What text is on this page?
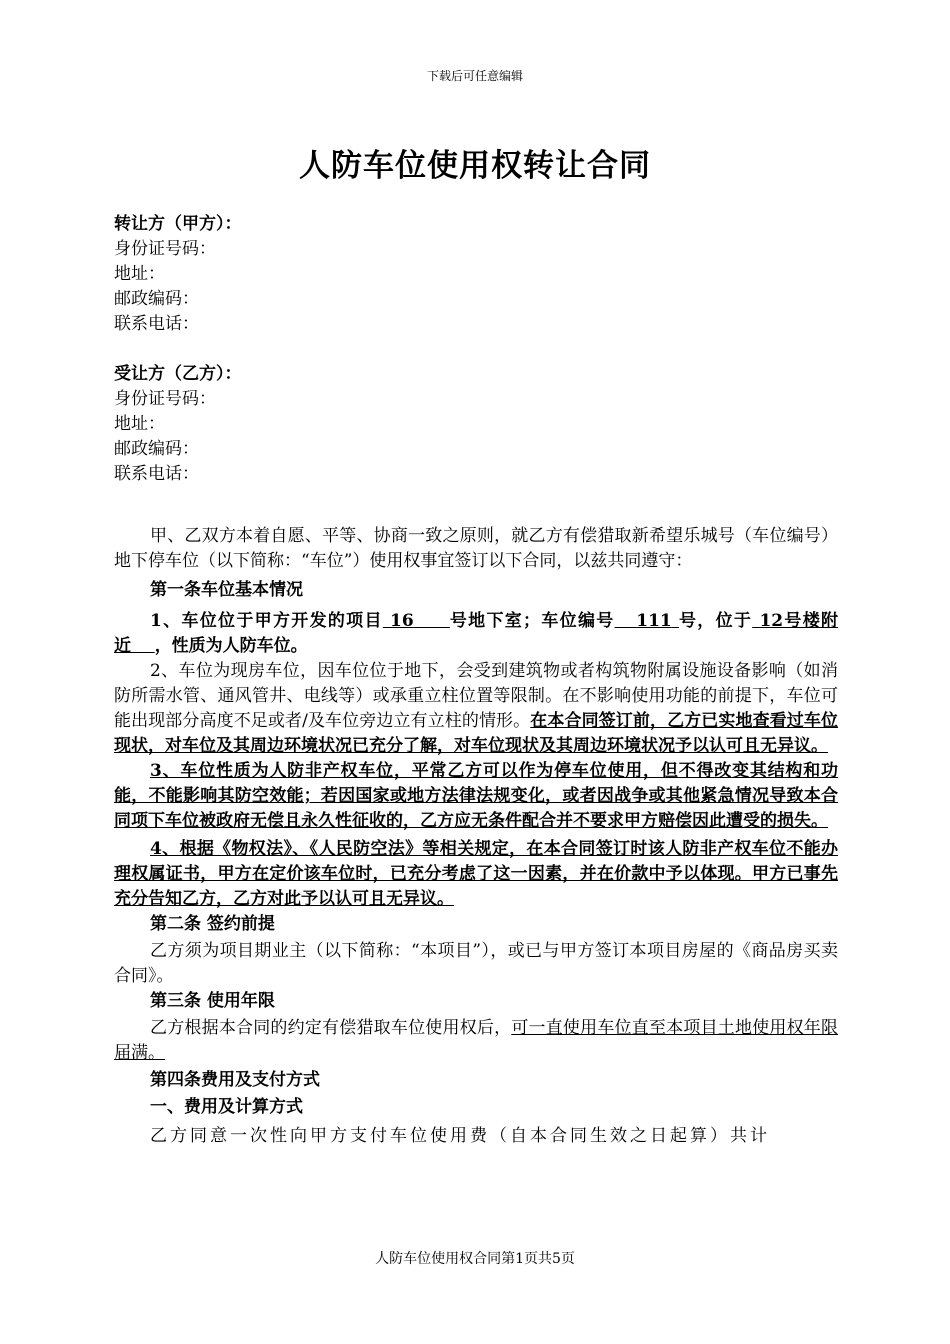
下载后可任意编辑
人防车位使用权转让合同
转让方（甲方）：
身份证号码：
地址：
邮政编码：
联系电话：
受让方（乙方）：
身份证号码：
地址：
邮政编码：
联系电话：
甲、乙双方本着自愿、平等、协商一致之原则，就乙方有偿猎取新希望乐城号（车位编号）地下停车位（以下简称：“车位”）使用权事宜签订以下合同，以兹共同遵守：
第一条车位基本情况
1、车位位于甲方开发的项目 16 号地下室；车位编号 111 号，位于 12号楼附近 ，性质为人防车位。
2、车位为现房车位，因车位位于地下，会受到建筑物或者构筑物附属设施设备影响（如消防所需水管、通风管井、电线等）或承重立柱位置等限制。在不影响使用功能的前提下，车位可能出现部分高度不足或者/及车位旁边立有立柱的情形。在本合同签订前，乙方已实地查看过车位现状，对车位及其周边环境状况已充分了解，对车位现状及其周边环境状况予以认可且无异议。
3、车位性质为人防非产权车位，平常乙方可以作为停车位使用，但不得改变其结构和功能，不能影响其防空效能；若因国家或地方法律法规变化，或者因战争或其他紧急情况导致本合同项下车位被政府无偿且永久性征收的，乙方应无条件配合并不要求甲方赔偿因此遭受的损失。
4、根据《物权法》、《人民防空法》等相关规定，在本合同签订时该人防非产权车位不能办理权属证书，甲方在定价该车位时，已充分考虑了这一因素，并在价款中予以体现。甲方已事先充分告知乙方，乙方对此予以认可且无异议。
第二条 签约前提
乙方须为项目期业主（以下简称：“本项目”），或已与甲方签订本项目房屋的《商品房买卖合同》。
第三条 使用年限
乙方根据本合同的约定有偿猎取车位使用权后，可一直使用车位直至本项目土地使用权年限届满。
第四条费用及支付方式
一、费用及计算方式
乙方同意一次性向甲方支付车位使用费（自本合同生效之日起算）共计
人防车位使用权合同第1页共5页
